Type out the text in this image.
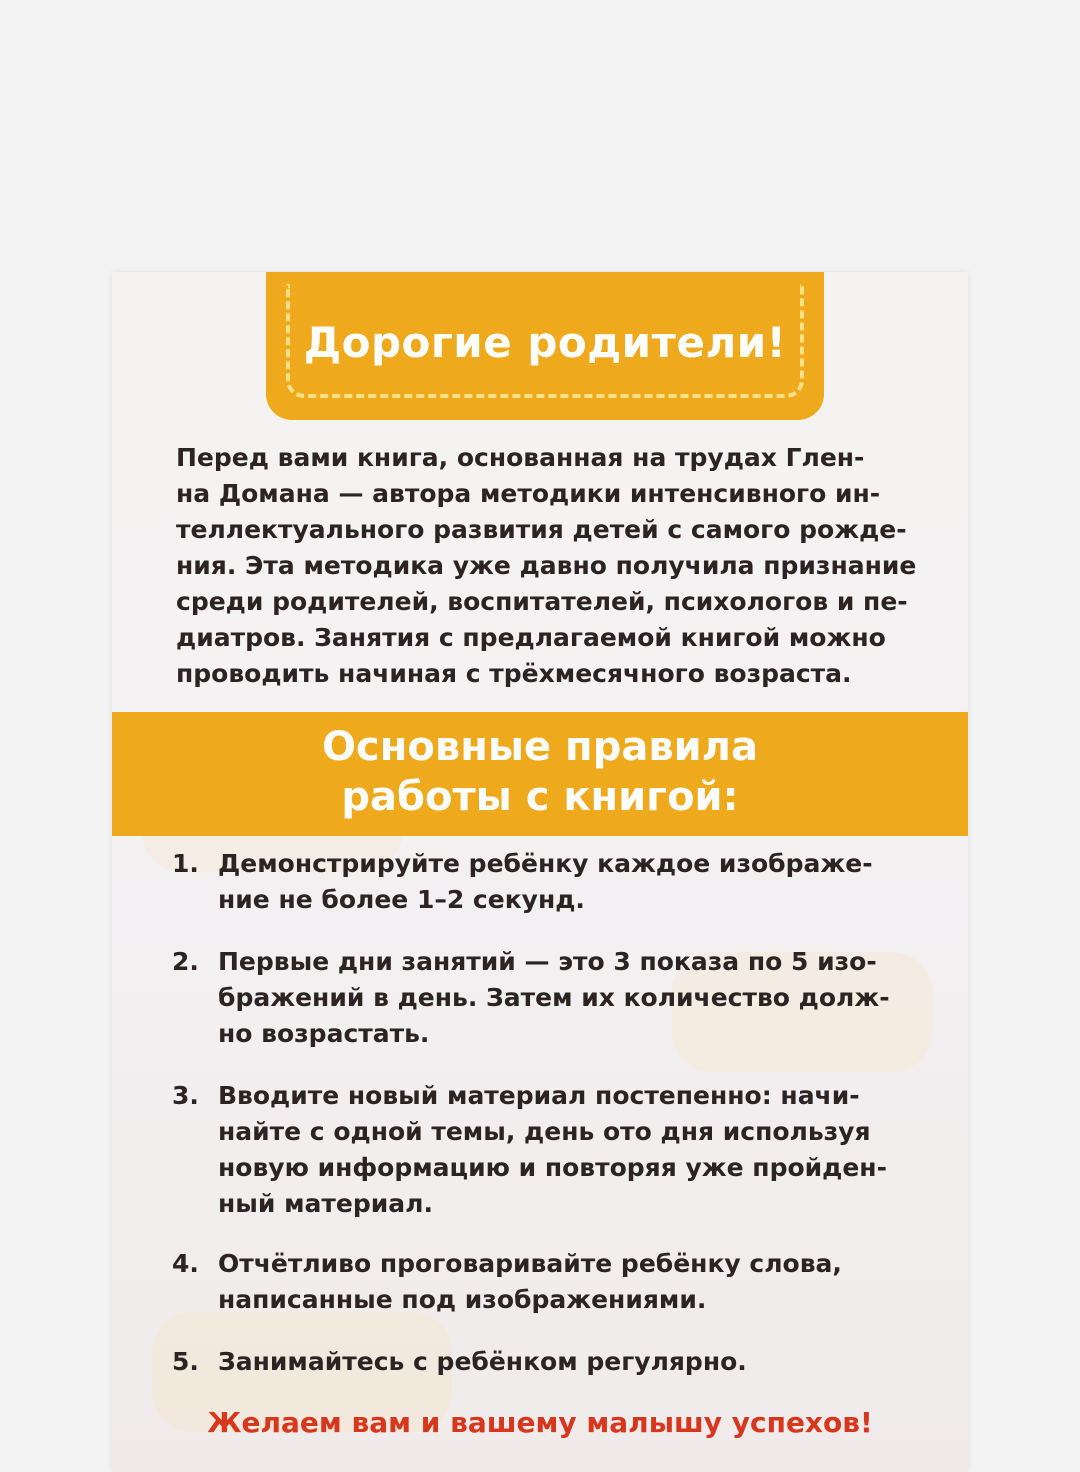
Дорогие родители!
Перед вами книга, основанная на трудах Глен-
на Домана — автора методики интенсивного ин-
теллектуального развития детей с самого рожде-
ния. Эта методика уже давно получила признание
среди родителей, воспитателей, психологов и пе-
диатров. Занятия с предлагаемой книгой можно
проводить начиная с трёхмесячного возраста.
Основные правила
работы с книгой:
1. Демонстрируйте ребёнку каждое изображе-
ние не более 1–2 секунд.
2. Первые дни занятий — это 3 показа по 5 изо-
бражений в день. Затем их количество долж-
но возрастать.
3. Вводите новый материал постепенно: начи-
найте с одной темы, день ото дня используя
новую информацию и повторяя уже пройден-
ный материал.
4. Отчётливо проговаривайте ребёнку слова,
написанные под изображениями.
5. Занимайтесь с ребёнком регулярно.
Желаем вам и вашему малышу успехов!
